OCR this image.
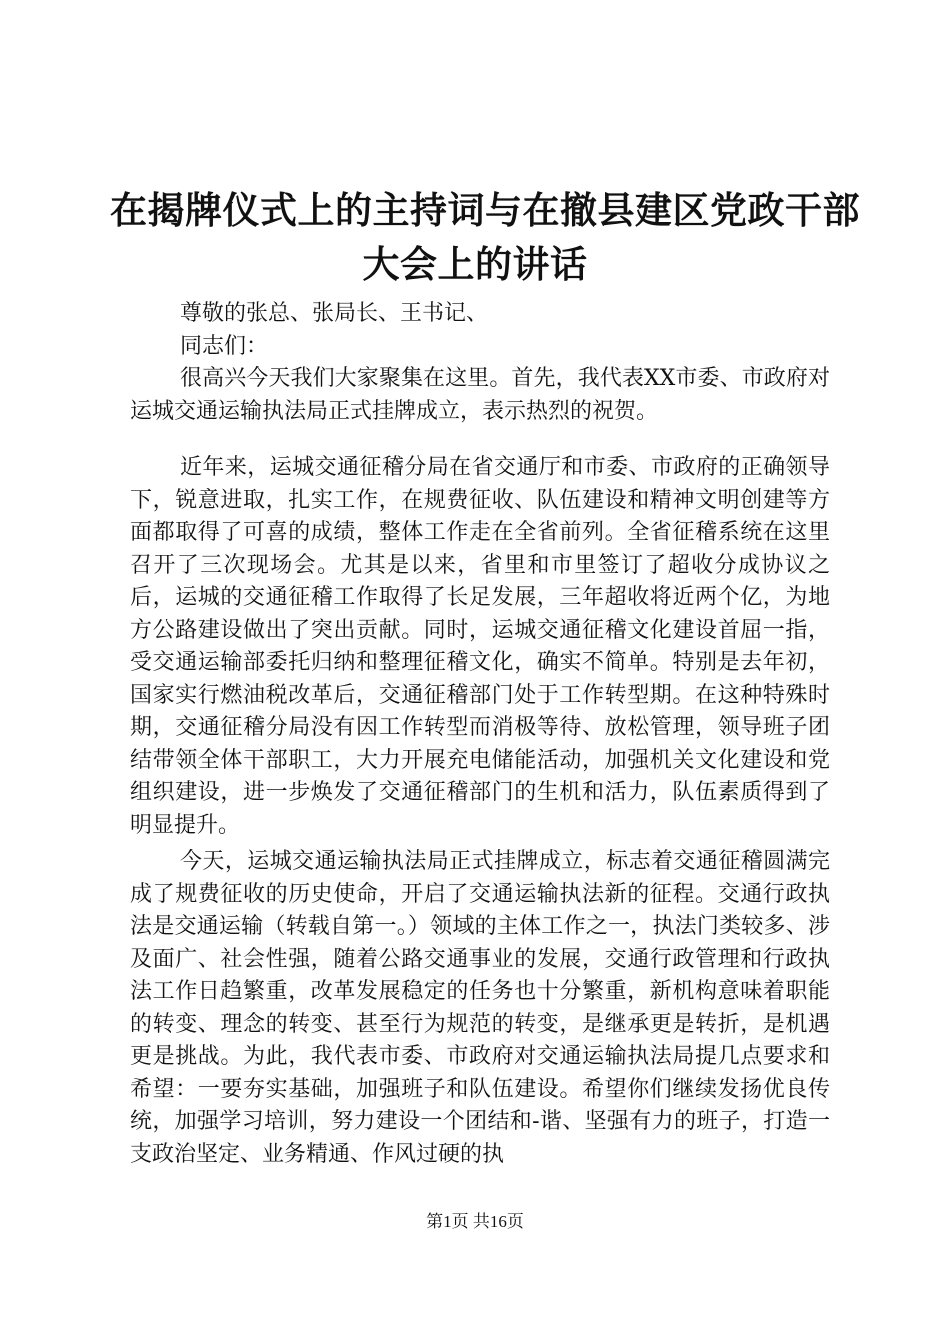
在揭牌仪式上的主持词与在撤县建区党政干部
大会上的讲话

尊敬的张总、张局长、王书记、

同志们：

很高兴今天我们大家聚集在这里。首先，我代表XX市委、市政府对运城交通运输执法局正式挂牌成立，表示热烈的祝贺。

近年来，运城交通征稽分局在省交通厅和市委、市政府的正确领导下，锐意进取，扎实工作，在规费征收、队伍建设和精神文明创建等方面都取得了可喜的成绩，整体工作走在全省前列。全省征稽系统在这里召开了三次现场会。尤其是以来，省里和市里签订了超收分成协议之后，运城的交通征稽工作取得了长足发展，三年超收将近两个亿，为地方公路建设做出了突出贡献。同时，运城交通征稽文化建设首屈一指，受交通运输部委托归纳和整理征稽文化，确实不简单。特别是去年初，国家实行燃油税改革后，交通征稽部门处于工作转型期。在这种特殊时期，交通征稽分局没有因工作转型而消极等待、放松管理，领导班子团结带领全体干部职工，大力开展充电储能活动，加强机关文化建设和党组织建设，进一步焕发了交通征稽部门的生机和活力，队伍素质得到了明显提升。

今天，运城交通运输执法局正式挂牌成立，标志着交通征稽圆满完成了规费征收的历史使命，开启了交通运输执法新的征程。交通行政执法是交通运输（转载自第一。）领域的主体工作之一，执法门类较多、涉及面广、社会性强，随着公路交通事业的发展，交通行政管理和行政执法工作日趋繁重，改革发展稳定的任务也十分繁重，新机构意味着职能的转变、理念的转变、甚至行为规范的转变，是继承更是转折，是机遇更是挑战。为此，我代表市委、市政府对交通运输执法局提几点要求和希望：一要夯实基础，加强班子和队伍建设。希望你们继续发扬优良传统，加强学习培训，努力建设一个团结和-谐、坚强有力的班子，打造一支政治坚定、业务精通、作风过硬的执

第1页 共16页
